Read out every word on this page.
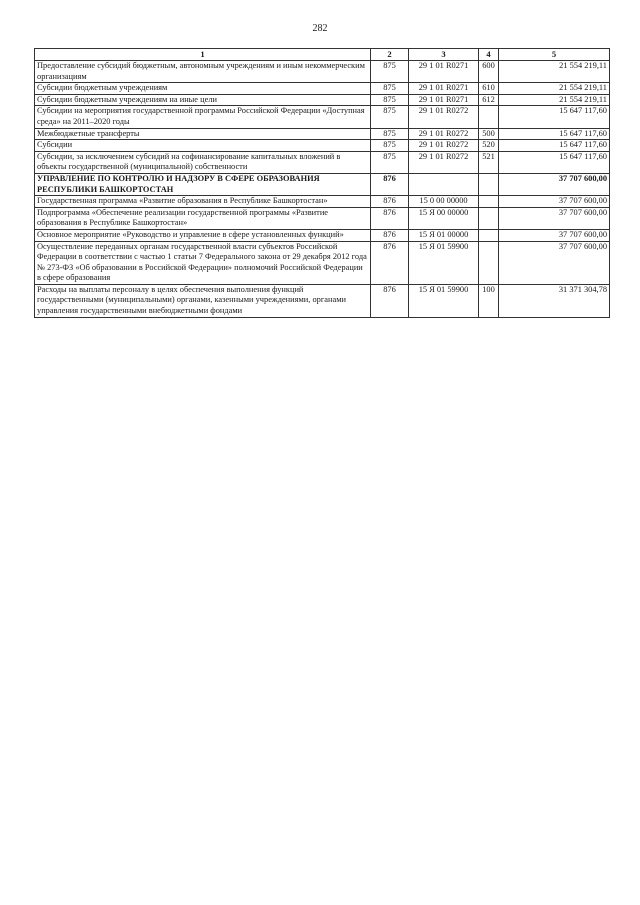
282
1	2	3	4	5
Предоставление субсидий бюджетным, автономным учреждениям и иным некоммерческим организациям	875	29 1 01 R0271	600	21 554 219,11
Субсидии бюджетным учреждениям	875	29 1 01 R0271	610	21 554 219,11
Субсидии бюджетным учреждениям на иные цели	875	29 1 01 R0271	612	21 554 219,11
Субсидии на мероприятия государственной программы Российской Федерации «Доступная среда» на 2011–2020 годы	875	29 1 01 R0272		15 647 117,60
Межбюджетные трансферты	875	29 1 01 R0272	500	15 647 117,60
Субсидии	875	29 1 01 R0272	520	15 647 117,60
Субсидии, за исключением субсидий на софинансирование капитальных вложений в объекты государственной (муниципальной) собственности	875	29 1 01 R0272	521	15 647 117,60
УПРАВЛЕНИЕ ПО КОНТРОЛЮ И НАДЗОРУ В СФЕРЕ ОБРАЗОВАНИЯ РЕСПУБЛИКИ БАШКОРТОСТАН	876			37 707 600,00
Государственная программа «Развитие образования в Республике Башкортостан»	876	15 0 00 00000		37 707 600,00
Подпрограмма «Обеспечение реализации государственной программы «Развитие образования в Республике Башкортостан»	876	15 Я 00 00000		37 707 600,00
Основное мероприятие «Руководство и управление в сфере установленных функций»	876	15 Я 01 00000		37 707 600,00
Осуществление переданных органам государственной власти субъектов Российской Федерации в соответствии с частью 1 статьи 7 Федерального закона от 29 декабря 2012 года № 273-ФЗ «Об образовании в Российской Федерации» полномочий Российской Федерации в сфере образования	876	15 Я 01 59900		37 707 600,00
Расходы на выплаты персоналу в целях обеспечения выполнения функций государственными (муниципальными) органами, казенными учреждениями, органами управления государственными внебюджетными фондами	876	15 Я 01 59900	100	31 371 304,78
